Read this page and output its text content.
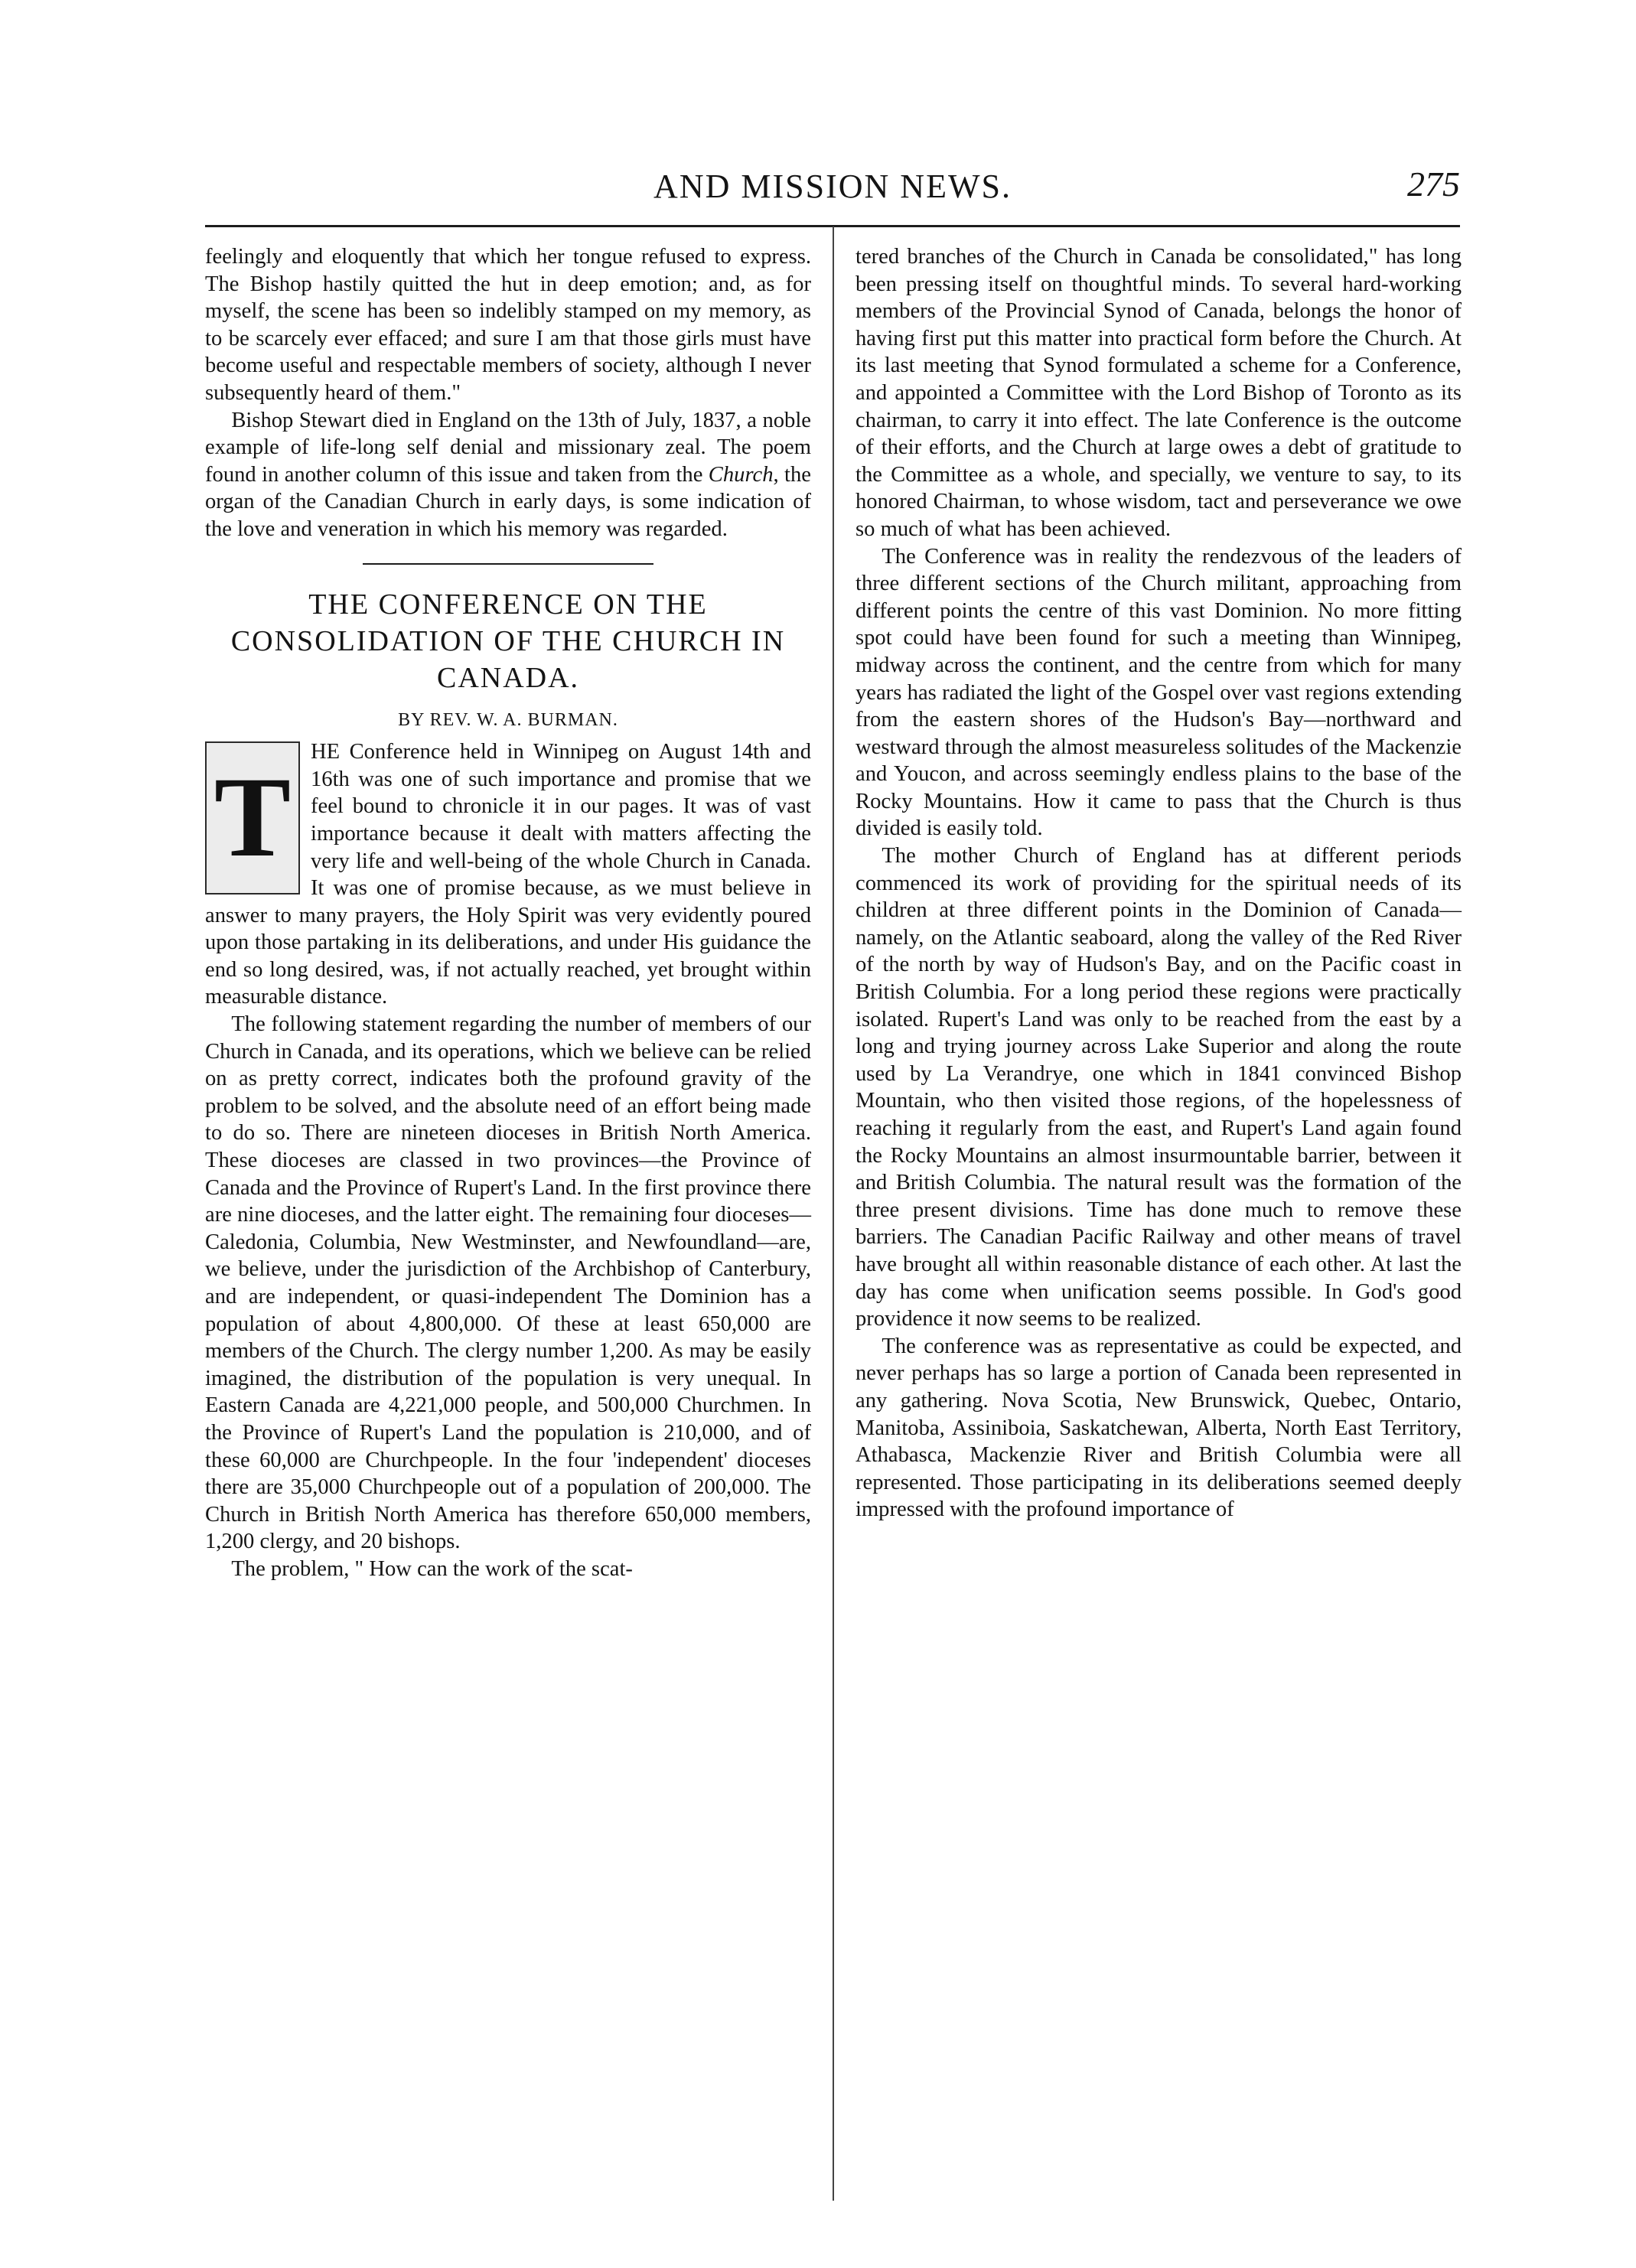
AND MISSION NEWS.	275

feelingly and eloquently that which her tongue refused to express. The Bishop hastily quitted the hut in deep emotion; and, as for myself, the scene has been so indelibly stamped on my memory, as to be scarcely ever effaced; and sure I am that those girls must have become useful and respectable members of society, although I never subsequently heard of them."

Bishop Stewart died in England on the 13th of July, 1837, a noble example of life-long self denial and missionary zeal. The poem found in another column of this issue and taken from the Church, the organ of the Canadian Church in early days, is some indication of the love and veneration in which his memory was regarded.

THE CONFERENCE ON THE CONSOLIDATION OF THE CHURCH IN CANADA.
BY REV. W. A. BURMAN.

T
HE Conference held in Winnipeg on August 14th and 16th was one of such importance and promise that we feel bound to chronicle it in our pages. It was of vast importance because it dealt with matters affecting the very life and well-being of the whole Church in Canada. It was one of promise because, as we must believe in answer to many prayers, the Holy Spirit was very evidently poured upon those partaking in its deliberations, and under His guidance the end so long desired, was, if not actually reached, yet brought within measurable distance.

The following statement regarding the number of members of our Church in Canada, and its operations, which we believe can be relied on as pretty correct, indicates both the profound gravity of the problem to be solved, and the absolute need of an effort being made to do so. There are nineteen dioceses in British North America. These dioceses are classed in two provinces—the Province of Canada and the Province of Rupert's Land. In the first province there are nine dioceses, and the latter eight. The remaining four dioceses—Caledonia, Columbia, New Westminster, and Newfoundland—are, we believe, under the jurisdiction of the Archbishop of Canterbury, and are independent, or quasi-independent The Dominion has a population of about 4,800,000. Of these at least 650,000 are members of the Church. The clergy number 1,200. As may be easily imagined, the distribution of the population is very unequal. In Eastern Canada are 4,221,000 people, and 500,000 Churchmen. In the Province of Rupert's Land the population is 210,000, and of these 60,000 are Churchpeople. In the four 'independent' dioceses there are 35,000 Churchpeople out of a population of 200,000. The Church in British North America has therefore 650,000 members, 1,200 clergy, and 20 bishops.

The problem, " How can the work of the scat-

tered branches of the Church in Canada be consolidated," has long been pressing itself on thoughtful minds. To several hard-working members of the Provincial Synod of Canada, belongs the honor of having first put this matter into practical form before the Church. At its last meeting that Synod formulated a scheme for a Conference, and appointed a Committee with the Lord Bishop of Toronto as its chairman, to carry it into effect. The late Conference is the outcome of their efforts, and the Church at large owes a debt of gratitude to the Committee as a whole, and specially, we venture to say, to its honored Chairman, to whose wisdom, tact and perseverance we owe so much of what has been achieved.

The Conference was in reality the rendezvous of the leaders of three different sections of the Church militant, approaching from different points the centre of this vast Dominion. No more fitting spot could have been found for such a meeting than Winnipeg, midway across the continent, and the centre from which for many years has radiated the light of the Gospel over vast regions extending from the eastern shores of the Hudson's Bay—northward and westward through the almost measureless solitudes of the Mackenzie and Youcon, and across seemingly endless plains to the base of the Rocky Mountains. How it came to pass that the Church is thus divided is easily told.

The mother Church of England has at different periods commenced its work of providing for the spiritual needs of its children at three different points in the Dominion of Canada—namely, on the Atlantic seaboard, along the valley of the Red River of the north by way of Hudson's Bay, and on the Pacific coast in British Columbia. For a long period these regions were practically isolated. Rupert's Land was only to be reached from the east by a long and trying journey across Lake Superior and along the route used by La Verandrye, one which in 1841 convinced Bishop Mountain, who then visited those regions, of the hopelessness of reaching it regularly from the east, and Rupert's Land again found the Rocky Mountains an almost insurmountable barrier, between it and British Columbia. The natural result was the formation of the three present divisions. Time has done much to remove these barriers. The Canadian Pacific Railway and other means of travel have brought all within reasonable distance of each other. At last the day has come when unification seems possible. In God's good providence it now seems to be realized.

The conference was as representative as could be expected, and never perhaps has so large a portion of Canada been represented in any gathering. Nova Scotia, New Brunswick, Quebec, Ontario, Manitoba, Assiniboia, Saskatchewan, Alberta, North East Territory, Athabasca, Mackenzie River and British Columbia were all represented. Those participating in its deliberations seemed deeply impressed with the profound importance of
